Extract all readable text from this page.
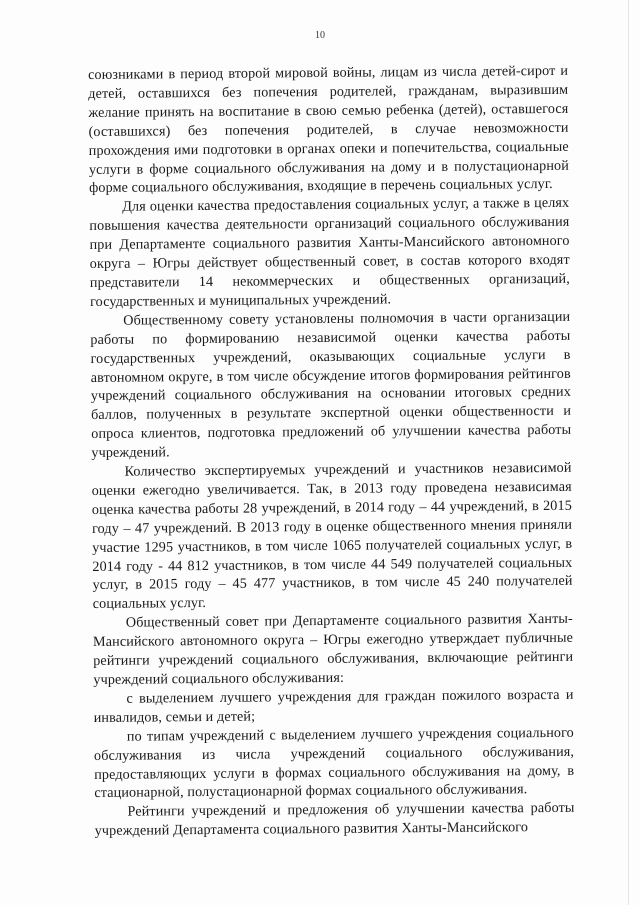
10

союзниками в период второй мировой войны, лицам из числа детей-сирот и детей, оставшихся без попечения родителей, гражданам, выразившим желание принять на воспитание в свою семью ребенка (детей), оставшегося (оставшихся) без попечения родителей, в случае невозможности прохождения ими подготовки в органах опеки и попечительства, социальные услуги в форме социального обслуживания на дому и в полустационарной форме социального обслуживания, входящие в перечень социальных услуг.

Для оценки качества предоставления социальных услуг, а также в целях повышения качества деятельности организаций социального обслуживания при Департаменте социального развития Ханты-Мансийского автономного округа – Югры действует общественный совет, в состав которого входят представители 14 некоммерческих и общественных организаций, государственных и муниципальных учреждений.

Общественному совету установлены полномочия в части организации работы по формированию независимой оценки качества работы государственных учреждений, оказывающих социальные услуги в автономном округе, в том числе обсуждение итогов формирования рейтингов учреждений социального обслуживания на основании итоговых средних баллов, полученных в результате экспертной оценки общественности и опроса клиентов, подготовка предложений об улучшении качества работы учреждений.

Количество экспертируемых учреждений и участников независимой оценки ежегодно увеличивается. Так, в 2013 году проведена независимая оценка качества работы 28 учреждений, в 2014 году – 44 учреждений, в 2015 году – 47 учреждений. В 2013 году в оценке общественного мнения приняли участие 1295 участников, в том числе 1065 получателей социальных услуг, в 2014 году - 44 812 участников, в том числе 44 549 получателей социальных услуг, в 2015 году – 45 477 участников, в том числе 45 240 получателей социальных услуг.

Общественный совет при Департаменте социального развития Ханты-Мансийского автономного округа – Югры ежегодно утверждает публичные рейтинги учреждений социального обслуживания, включающие рейтинги учреждений социального обслуживания:

с выделением лучшего учреждения для граждан пожилого возраста и инвалидов, семьи и детей;

по типам учреждений с выделением лучшего учреждения социального обслуживания из числа учреждений социального обслуживания, предоставляющих услуги в формах социального обслуживания на дому, в стационарной, полустационарной формах социального обслуживания.

Рейтинги учреждений и предложения об улучшении качества работы учреждений Департамента социального развития Ханты-Мансийского
